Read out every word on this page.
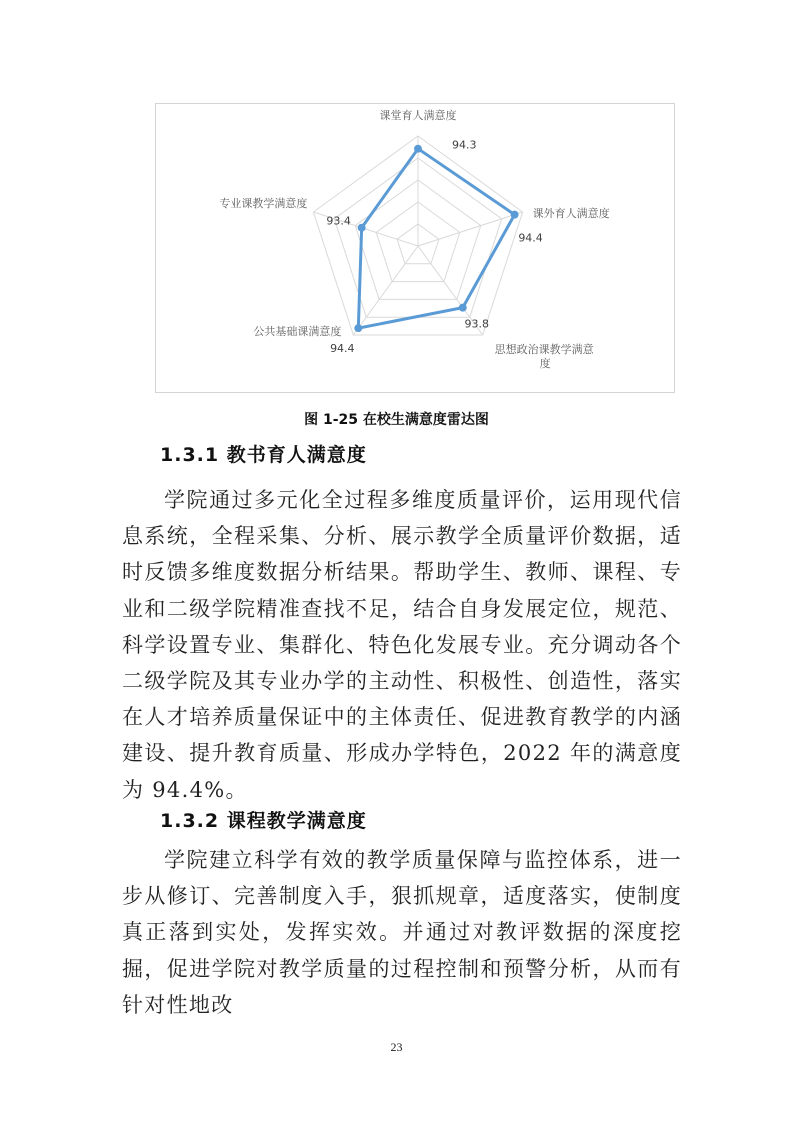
课堂育人满意度
课外育人满意度
思想政治课教学满意度
公共基础课满意度
专业课教学满意度
94.3
94.4
93.8
94.4
93.4
图 1-25 在校生满意度雷达图
1.3.1 教书育人满意度
学院通过多元化全过程多维度质量评价，运用现代信息系统，全程采集、分析、展示教学全质量评价数据，适时反馈多维度数据分析结果。帮助学生、教师、课程、专业和二级学院精准查找不足，结合自身发展定位，规范、科学设置专业、集群化、特色化发展专业。充分调动各个二级学院及其专业办学的主动性、积极性、创造性，落实在人才培养质量保证中的主体责任、促进教育教学的内涵建设、提升教育质量、形成办学特色，2022 年的满意度为 94.4%。
1.3.2 课程教学满意度
学院建立科学有效的教学质量保障与监控体系，进一步从修订、完善制度入手，狠抓规章，适度落实，使制度真正落到实处，发挥实效。并通过对教评数据的深度挖掘，促进学院对教学质量的过程控制和预警分析，从而有针对性地改
23
